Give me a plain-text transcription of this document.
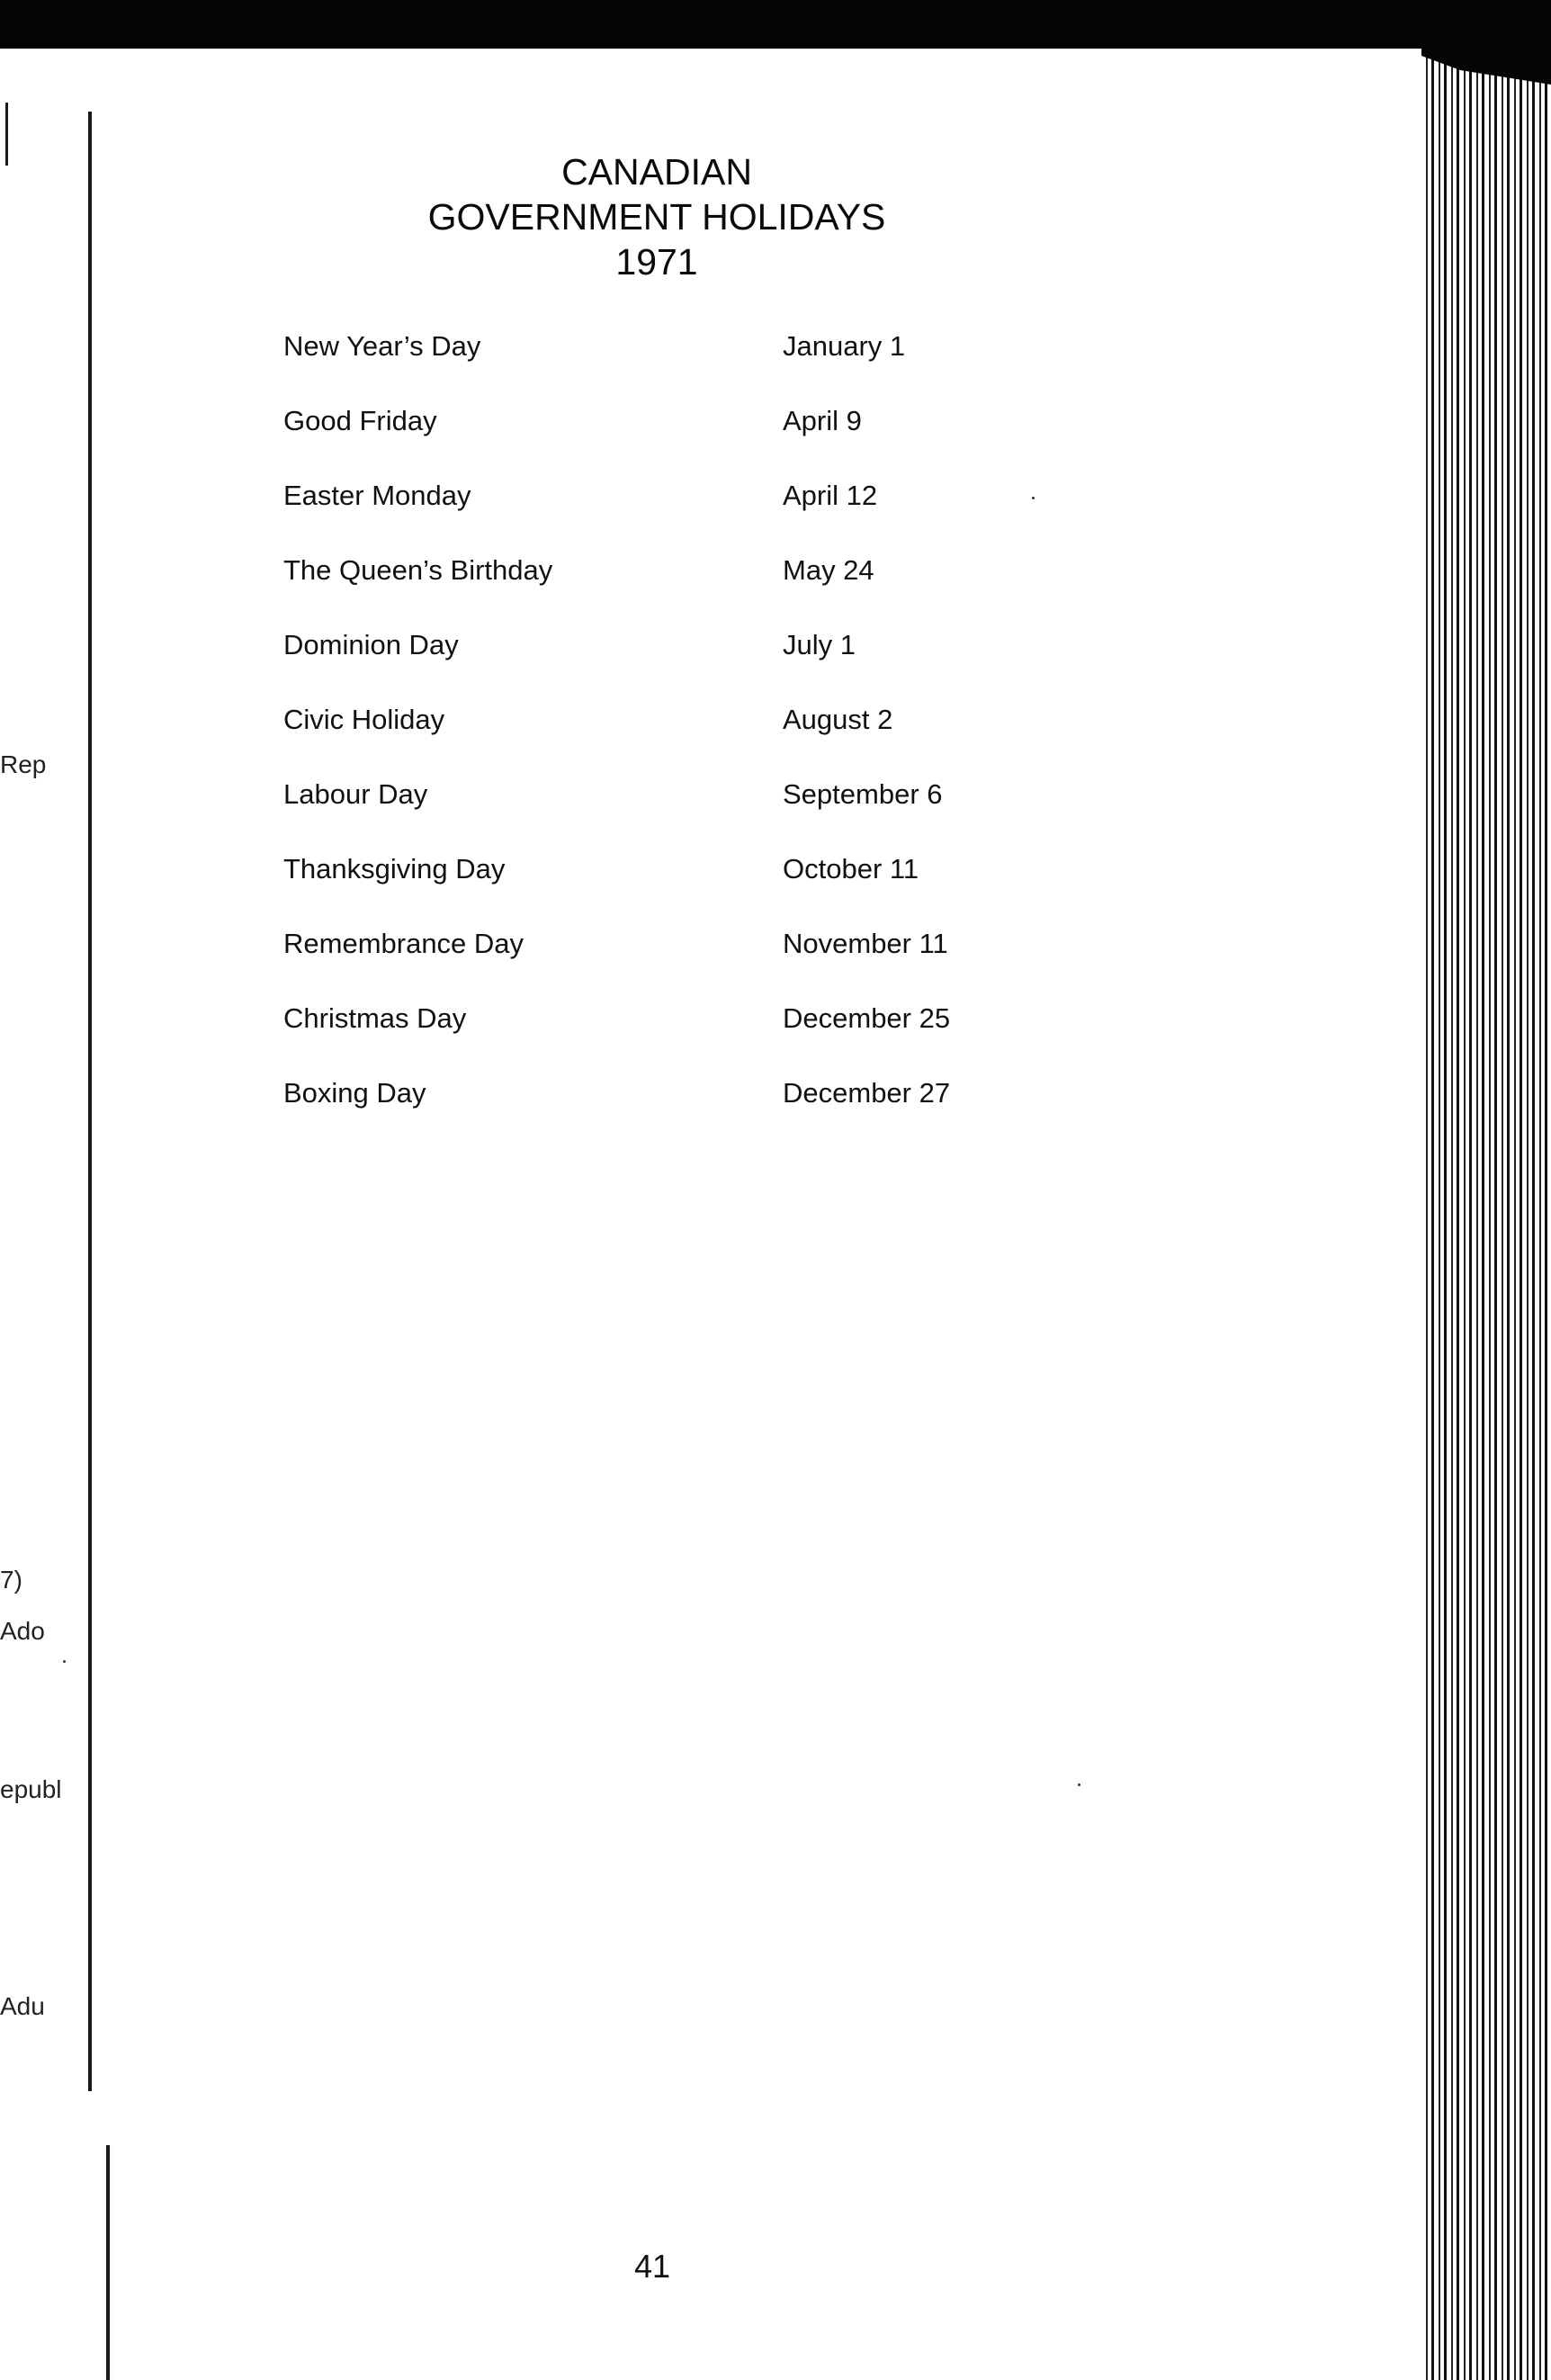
Rep
7)
Ado
epubl
Adu
CANADIAN
GOVERNMENT HOLIDAYS
1971
New Year’s Day	January 1
Good Friday	April 9
Easter Monday	April 12
The Queen’s Birthday	May 24
Dominion Day	July 1
Civic Holiday	August 2
Labour Day	September 6
Thanksgiving Day	October 11
Remembrance Day	November 11
Christmas Day	December 25
Boxing Day	December 27
41
